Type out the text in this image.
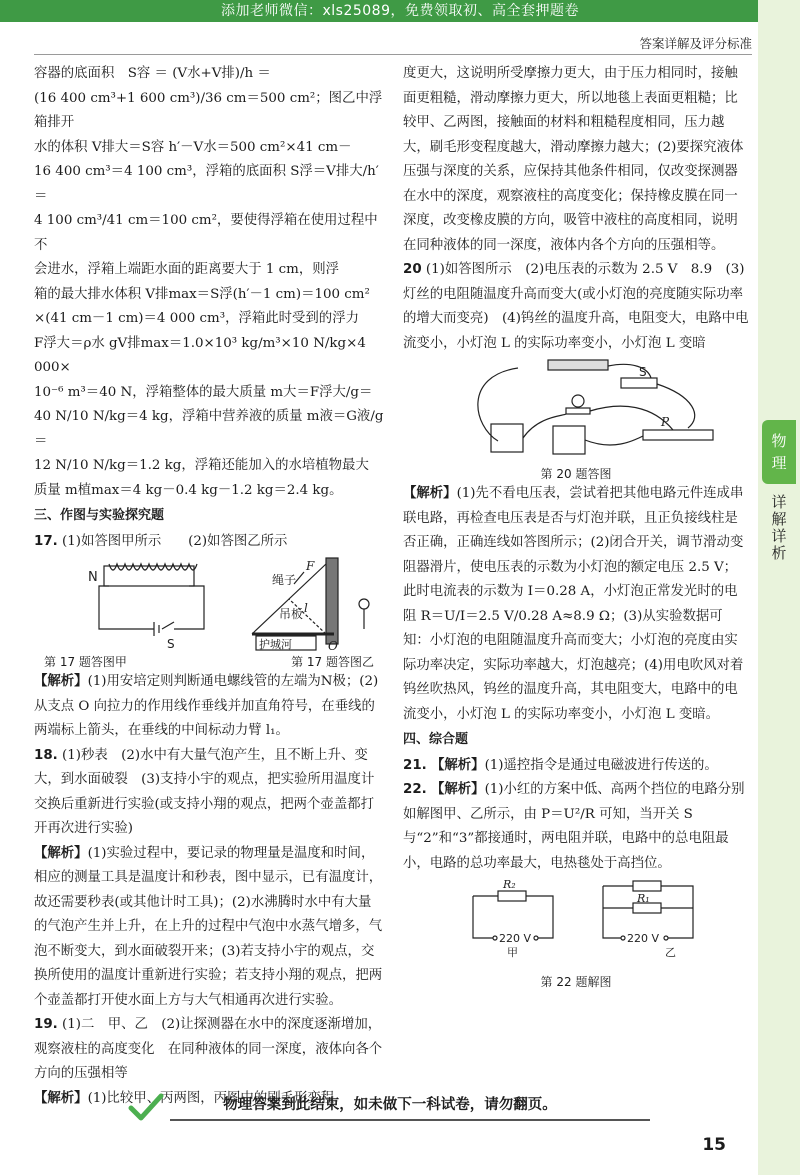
添加老师微信：xls25089，免费领取初、高全套押题卷
答案详解及评分标准
物
理
详
解
详
析

容器的底面积　S容 ＝ (V水+V排)/h ＝

(16 400 cm³+1 600 cm³)/36 cm＝500 cm²；图乙中浮箱排开

水的体积 V排大＝S容 h′－V水＝500 cm²×41 cm－

16 400 cm³＝4 100 cm³，浮箱的底面积 S浮＝V排大/h′＝

4 100 cm³/41 cm＝100 cm²，要使得浮箱在使用过程中不

会进水，浮箱上端距水面的距离要大于 1 cm，则浮

箱的最大排水体积 V排max＝S浮(h′－1 cm)＝100 cm²

×(41 cm－1 cm)＝4 000 cm³，浮箱此时受到的浮力

F浮大＝ρ水 gV排max＝1.0×10³ kg/m³×10 N/kg×4 000×

10⁻⁶ m³＝40 N，浮箱整体的最大质量 m大＝F浮大/g＝

40 N/10 N/kg＝4 kg，浮箱中营养液的质量 m液＝G液/g＝

12 N/10 N/kg＝1.2 kg，浮箱还能加入的水培植物最大

质量 m植max＝4 kg－0.4 kg－1.2 kg＝2.4 kg。

三、作图与实验探究题

17. (1)如答图甲所示　　(2)如答图乙所示

N
S
绳子
F
吊板 l
护城河	O
第 17 题答图甲	第 17 题答图乙

【解析】(1)用安培定则判断通电螺线管的左端为N极；(2)从支点 O 向拉力的作用线作垂线并加直角符号，在垂线的两端标上箭头，在垂线的中间标动力臂 l₁。

18. (1)秒表　(2)水中有大量气泡产生，且不断上升、变大，到水面破裂　(3)支持小宇的观点，把实验所用温度计交换后重新进行实验(或支持小翔的观点，把两个壶盖都打开再次进行实验)

【解析】(1)实验过程中，要记录的物理量是温度和时间，相应的测量工具是温度计和秒表，图中显示，已有温度计，故还需要秒表(或其他计时工具)；(2)水沸腾时水中有大量的气泡产生并上升，在上升的过程中气泡中水蒸气增多，气泡不断变大，到水面破裂开来；(3)若支持小宇的观点，交换所使用的温度计重新进行实验；若支持小翔的观点，把两个壶盖都打开使水面上方与大气相通再次进行实验。

19. (1)二　甲、乙　(2)让探测器在水中的深度逐渐增加，观察液柱的高度变化　在同种液体的同一深度，液体向各个方向的压强相等

【解析】(1)比较甲、丙两图，丙图中的刷毛形变程

度更大，这说明所受摩擦力更大，由于压力相同时，接触面更粗糙，滑动摩擦力更大，所以地毯上表面更粗糙；比较甲、乙两图，接触面的材料和粗糙程度相同，压力越大，刷毛形变程度越大，滑动摩擦力越大；(2)要探究液体压强与深度的关系，应保持其他条件相同，仅改变探测器在水中的深度，观察液柱的高度变化；保持橡皮膜在同一深度，改变橡皮膜的方向，吸管中液柱的高度相同，说明在同种液体的同一深度，液体内各个方向的压强相等。

20 (1)如答图所示　(2)电压表的示数为 2.5 V　8.9　(3)灯丝的电阻随温度升高而变大(或小灯泡的亮度随实际功率的增大而变亮)　(4)钨丝的温度升高，电阻变大，电路中电流变小，小灯泡 L 的实际功率变小，小灯泡 L 变暗

S
P
第 20 题答图

【解析】(1)先不看电压表，尝试着把其他电路元件连成串联电路，再检查电压表是否与灯泡并联，且正负接线柱是否正确，正确连线如答图所示；(2)闭合开关，调节滑动变阻器滑片，使电压表的示数为小灯泡的额定电压 2.5 V；此时电流表的示数为 I＝0.28 A，小灯泡正常发光时的电阻 R＝U/I＝2.5 V/0.28 A≈8.9 Ω；(3)从实验数据可知：小灯泡的电阻随温度升高而变大；小灯泡的亮度由实际功率决定，实际功率越大，灯泡越亮；(4)用电吹风对着钨丝吹热风，钨丝的温度升高，其电阻变大，电路中的电流变小，小灯泡 L 的实际功率变小，小灯泡 L 变暗。

四、综合题

21. 【解析】(1)遥控指令是通过电磁波进行传送的。

22. 【解析】(1)小红的方案中低、高两个挡位的电路分别如解图甲、乙所示，由 P＝U²/R 可知，当开关 S 与“2”和“3”都接通时，两电阻并联，电路中的总电阻最小，电路的总功率最大，电热毯处于高挡位。

R₂
220 V
甲
R₁
220 V
乙
第 22 题解图
物理答案到此结束，如未做下一科试卷，请勿翻页。
15
